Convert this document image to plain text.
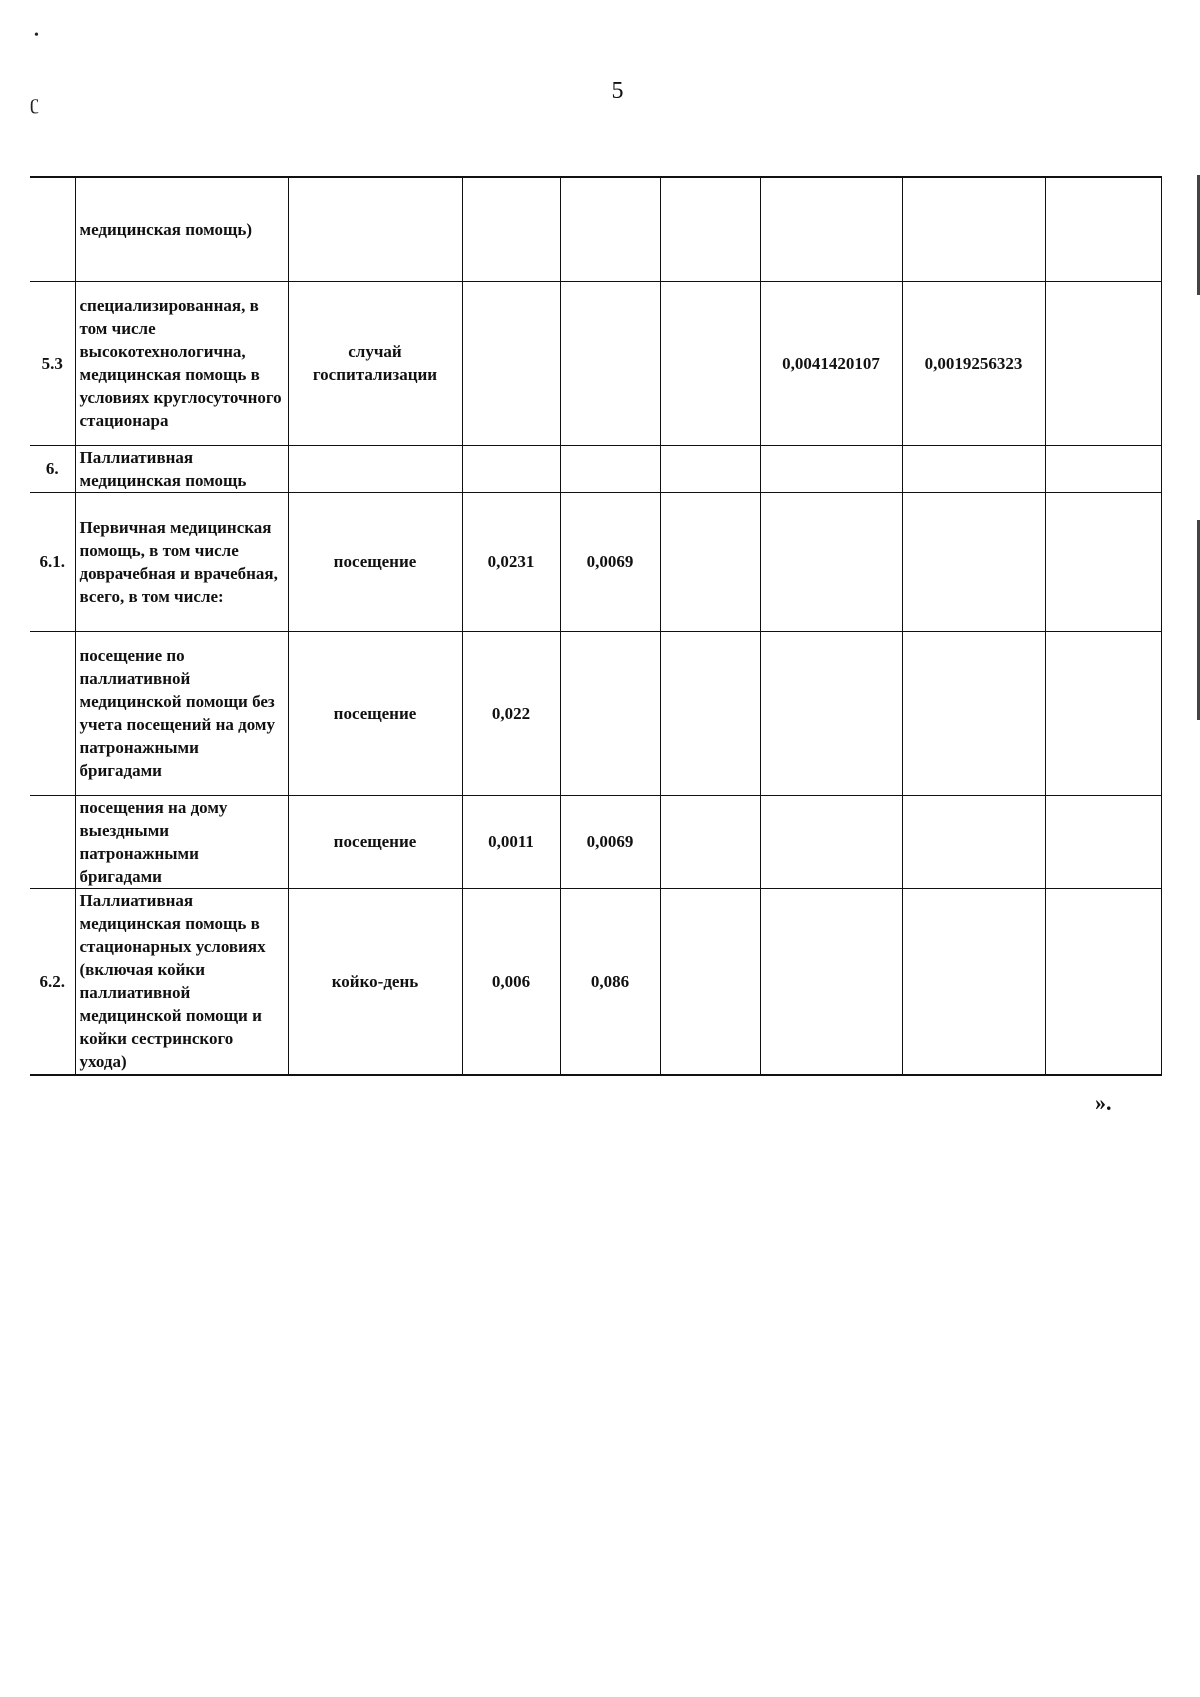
•
ʗ	5
	медицинская помощь)							
5.3	специализированная, в том числе высокотехнологична, медицинская помощь в условиях круглосуточного стационара	случай госпитализации				0,0041420107	0,0019256323	
6.	Паллиативная медицинская помощь							
6.1.	Первичная медицинская помощь, в том числе доврачебная и врачебная, всего, в том числе:	посещение	0,0231	0,0069				
	посещение по паллиативной медицинской помощи без учета посещений на дому патронажными бригадами	посещение	0,022					
	посещения на дому выездными патронажными бригадами	посещение	0,0011	0,0069				
6.2.	Паллиативная медицинская помощь в стационарных условиях (включая койки паллиативной медицинской помощи и койки сестринского ухода)	койко-день	0,006	0,086				
».
